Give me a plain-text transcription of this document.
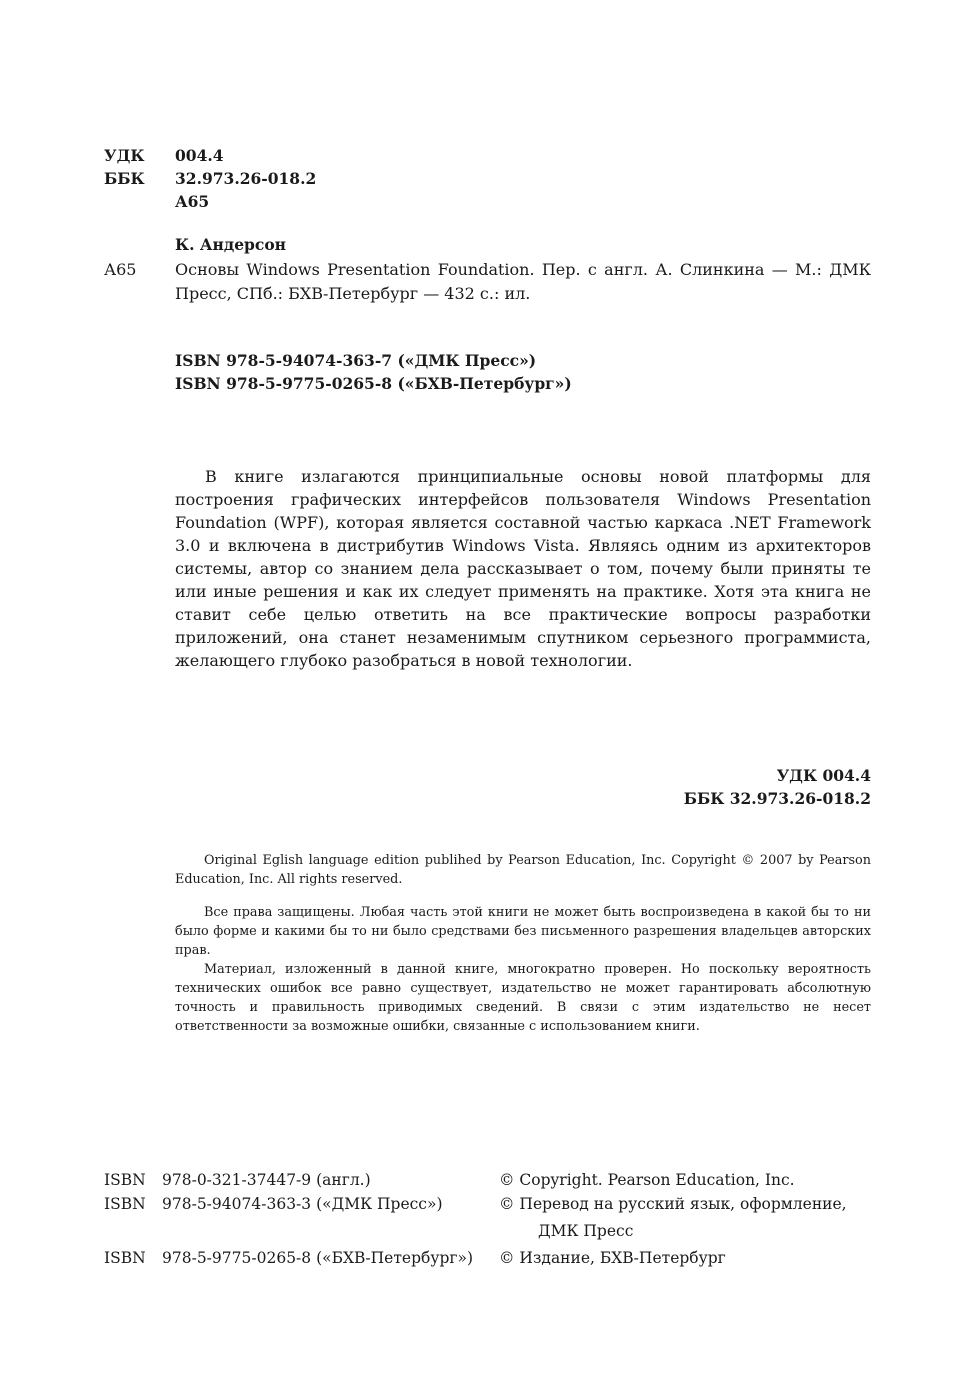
УДК 004.4
ББК 32.973.26-018.2
А65
К. Андерсон
А65 Основы Windows Presentation Foundation. Пер. с англ. А. Слинкина — М.: ДМК Пресс, СПб.: БХВ-Петербург — 432 с.: ил.
ISBN 978-5-94074-363-7 («ДМК Пресс»)
ISBN 978-5-9775-0265-8 («БХВ-Петербург»)

В книге излагаются принципиальные основы новой платформы для построения графических интерфейсов пользователя Windows Presentation Foundation (WPF), которая является составной частью каркаса .NET Framework 3.0 и включена в дистрибутив Windows Vista. Являясь одним из архитекторов системы, автор со знанием дела рассказывает о том, почему были приняты те или иные решения и как их следует применять на практике. Хотя эта книга не ставит себе целью ответить на все практические вопросы разработки приложений, она станет незаменимым спутником серьезного программиста, желающего глубоко разобраться в новой технологии.

УДК 004.4
ББК 32.973.26-018.2

Original Eglish language edition publihed by Pearson Education, Inc. Copyright © 2007 by Pearson Education, Inc. All rights reserved.

Все права защищены. Любая часть этой книги не может быть воспроизведена в какой бы то ни было форме и какими бы то ни было средствами без письменного разрешения владельцев авторских прав.

Материал, изложенный в данной книге, многократно проверен. Но поскольку вероятность технических ошибок все равно существует, издательство не может гарантировать абсолютную точность и правильность приводимых сведений. В связи с этим издательство не несет ответственности за возможные ошибки, связанные с использованием книги.

ISBN 978-0-321-37447-9 (англ.)	© Copyright. Pearson Education, Inc.
ISBN 978-5-94074-363-3 («ДМК Пресс»)	© Перевод на русский язык, оформление,
ДМК Пресс
ISBN 978-5-9775-0265-8 («БХВ-Петербург») © Издание, БХВ-Петербург
